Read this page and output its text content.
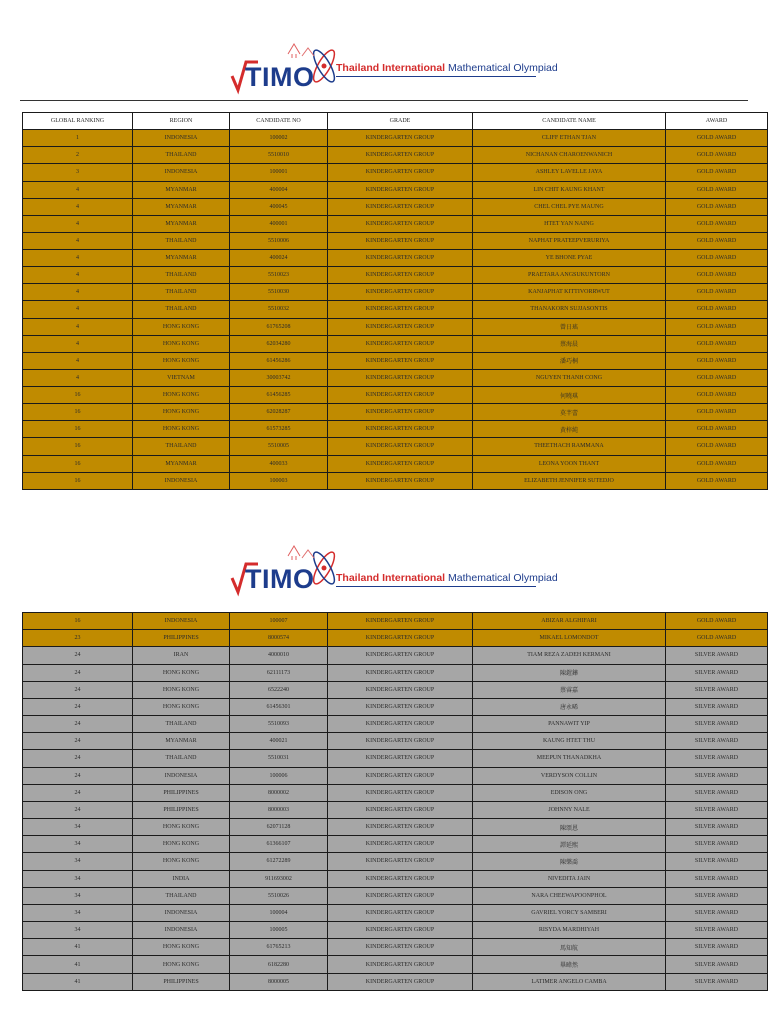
TIMO Thailand International Mathematical Olympiad
GLOBAL RANKING	REGION	CANDIDATE NO	GRADE	CANDIDATE NAME	AWARD
1	INDONESIA	100002	KINDERGARTEN GROUP	CLIFF ETHAN TJAN	GOLD AWARD
2	THAILAND	5510010	KINDERGARTEN GROUP	NICHANAN CHAROENWANICH	GOLD AWARD
3	INDONESIA	100001	KINDERGARTEN GROUP	ASHLEY LAVELLE JAYA	GOLD AWARD
4	MYANMAR	400004	KINDERGARTEN GROUP	LIN CHIT KAUNG KHANT	GOLD AWARD
4	MYANMAR	400045	KINDERGARTEN GROUP	CHEL CHEL PYE MAUNG	GOLD AWARD
4	MYANMAR	400001	KINDERGARTEN GROUP	HTET YAN NAING	GOLD AWARD
4	THAILAND	5510006	KINDERGARTEN GROUP	NAPHAT PRATEEPVERURIYA	GOLD AWARD
4	MYANMAR	400024	KINDERGARTEN GROUP	YE BHONE PYAE	GOLD AWARD
4	THAILAND	5510023	KINDERGARTEN GROUP	PRAETARA ANGSUKUNTORN	GOLD AWARD
4	THAILAND	5510030	KINDERGARTEN GROUP	KANJAPHAT KITTIVORRWUT	GOLD AWARD
4	THAILAND	5510032	KINDERGARTEN GROUP	THANAKORN SUJJASONTIS	GOLD AWARD
4	HONG KONG	61765208	KINDERGARTEN GROUP	曾日瑤	GOLD AWARD
4	HONG KONG	62034280	KINDERGARTEN GROUP	蔡海晨	GOLD AWARD
4	HONG KONG	61456286	KINDERGARTEN GROUP	潘巧桐	GOLD AWARD
4	VIETNAM	30003742	KINDERGARTEN GROUP	NGUYEN THANH CONG	GOLD AWARD
16	HONG KONG	61456285	KINDERGARTEN GROUP	何曉琪	GOLD AWARD
16	HONG KONG	62028287	KINDERGARTEN GROUP	莫芊蕾	GOLD AWARD
16	HONG KONG	61573285	KINDERGARTEN GROUP	黄梓純	GOLD AWARD
16	THAILAND	5510005	KINDERGARTEN GROUP	THEETHACH RAMMANA	GOLD AWARD
16	MYANMAR	400033	KINDERGARTEN GROUP	LEONA YOON THANT	GOLD AWARD
16	INDONESIA	100003	KINDERGARTEN GROUP	ELIZABETH JENNIFER SUTEDJO	GOLD AWARD
TIMO Thailand International Mathematical Olympiad
16	INDONESIA	100007	KINDERGARTEN GROUP	ABIZAR ALGHIFARI	GOLD AWARD
23	PHILIPPINES	8000574	KINDERGARTEN GROUP	MIKAEL LOMONDOT	GOLD AWARD
24	IRAN	4000010	KINDERGARTEN GROUP	TIAM REZA ZADEH KERMANI	SILVER AWARD
24	HONG KONG	62111173	KINDERGARTEN GROUP	陳鎧鏵	SILVER AWARD
24	HONG KONG	6522240	KINDERGARTEN GROUP	蔡睿嘉	SILVER AWARD
24	HONG KONG	61456301	KINDERGARTEN GROUP	唐永晞	SILVER AWARD
24	THAILAND	5510093	KINDERGARTEN GROUP	PANNAWIT YIP	SILVER AWARD
24	MYANMAR	400021	KINDERGARTEN GROUP	KAUNG HTET THU	SILVER AWARD
24	THAILAND	5510031	KINDERGARTEN GROUP	MEEPUN THANADKHA	SILVER AWARD
24	INDONESIA	100006	KINDERGARTEN GROUP	VERDYSON COLLIN	SILVER AWARD
24	PHILIPPINES	8000002	KINDERGARTEN GROUP	EDISON ONG	SILVER AWARD
24	PHILIPPINES	8000003	KINDERGARTEN GROUP	JOHNNY NALE	SILVER AWARD
34	HONG KONG	62071128	KINDERGARTEN GROUP	陳頌恩	SILVER AWARD
34	HONG KONG	61366107	KINDERGARTEN GROUP	譚延熙	SILVER AWARD
34	HONG KONG	61272289	KINDERGARTEN GROUP	陳樂喬	SILVER AWARD
34	INDIA	911693002	KINDERGARTEN GROUP	NIVEDITA JAIN	SILVER AWARD
34	THAILAND	5510026	KINDERGARTEN GROUP	NARA CHEEWAPOONPHOL	SILVER AWARD
34	INDONESIA	100004	KINDERGARTEN GROUP	GAVRIEL YORCY SAMBERI	SILVER AWARD
34	INDONESIA	100005	KINDERGARTEN GROUP	RISYDA MARDHIYAH	SILVER AWARD
41	HONG KONG	61765213	KINDERGARTEN GROUP	馬知航	SILVER AWARD
41	HONG KONG	6182280	KINDERGARTEN GROUP	畢暐然	SILVER AWARD
41	PHILIPPINES	8000005	KINDERGARTEN GROUP	LATIMER ANGELO CAMBA	SILVER AWARD
